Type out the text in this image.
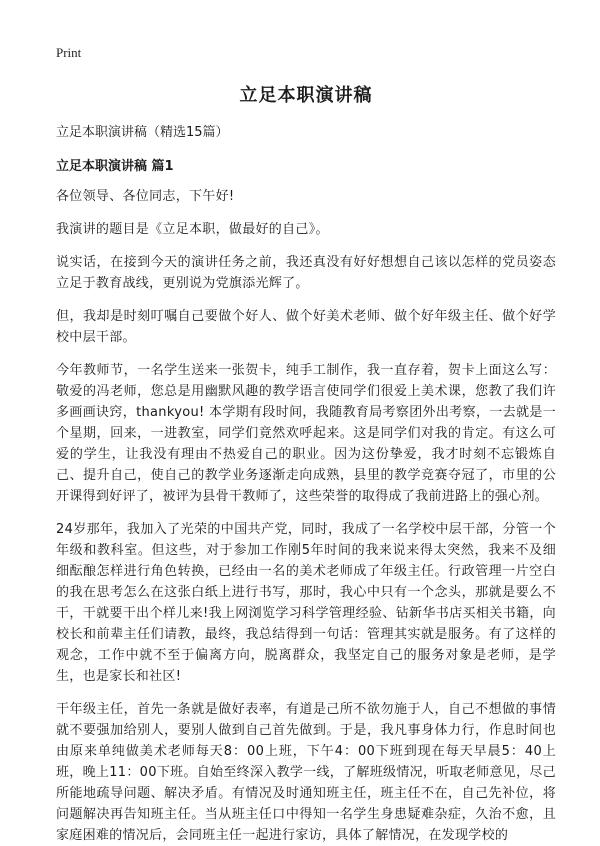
Print

立足本职演讲稿

立足本职演讲稿（精选15篇）

立足本职演讲稿 篇1

各位领导、各位同志，下午好!

我演讲的题目是《立足本职，做最好的自己》。

说实话，在接到今天的演讲任务之前，我还真没有好好想想自己该以怎样的党员姿态立足于教育战线，更别说为党旗添光辉了。

但，我却是时刻叮嘱自己要做个好人、做个好美术老师、做个好年级主任、做个好学校中层干部。

今年教师节，一名学生送来一张贺卡，纯手工制作，我一直存着，贺卡上面这么写：敬爱的冯老师，您总是用幽默风趣的教学语言使同学们很爱上美术课，您教了我们许多画画诀窍，thankyou! 本学期有段时间，我随教育局考察团外出考察，一去就是一个星期，回来，一进教室，同学们竟然欢呼起来。这是同学们对我的肯定。有这么可爱的学生，让我没有理由不热爱自己的职业。因为这份挚爱，我才时刻不忘锻炼自己、提升自己，使自己的教学业务逐渐走向成熟，县里的教学竞赛夺冠了，市里的公开课得到好评了，被评为县骨干教师了，这些荣誉的取得成了我前进路上的强心剂。

24岁那年，我加入了光荣的中国共产党，同时，我成了一名学校中层干部，分管一个年级和教科室。但这些，对于参加工作刚5年时间的我来说来得太突然，我来不及细细酝酿怎样进行角色转换，已经由一名的美术老师成了年级主任。行政管理一片空白的我在思考怎么在这张白纸上进行书写，那时，我心中只有一个念头，那就是要么不干，干就要干出个样儿来!我上网浏览学习科学管理经验、钻新华书店买相关书籍，向校长和前辈主任们请教，最终，我总结得到一句话：管理其实就是服务。有了这样的观念，工作中就不至于偏离方向，脱离群众，我坚定自己的服务对象是老师，是学生，也是家长和社区!

干年级主任，首先一条就是做好表率，有道是己所不欲勿施于人，自己不想做的事情就不要强加给别人，要别人做到自己首先做到。于是，我凡事身体力行，作息时间也由原来单纯做美术老师每天8：00上班，下午4：00下班到现在每天早晨5：40上班，晚上11：00下班。自始至终深入教学一线，了解班级情况，听取老师意见，尽己所能地疏导问题、解决矛盾。有情况及时通知班主任，班主任不在，自己先补位，将问题解决再告知班主任。当从班主任口中得知一名学生身患疑难杂症，久治不愈，且家庭困难的情况后，会同班主任一起进行家访，具体了解情况，在发现学校的
